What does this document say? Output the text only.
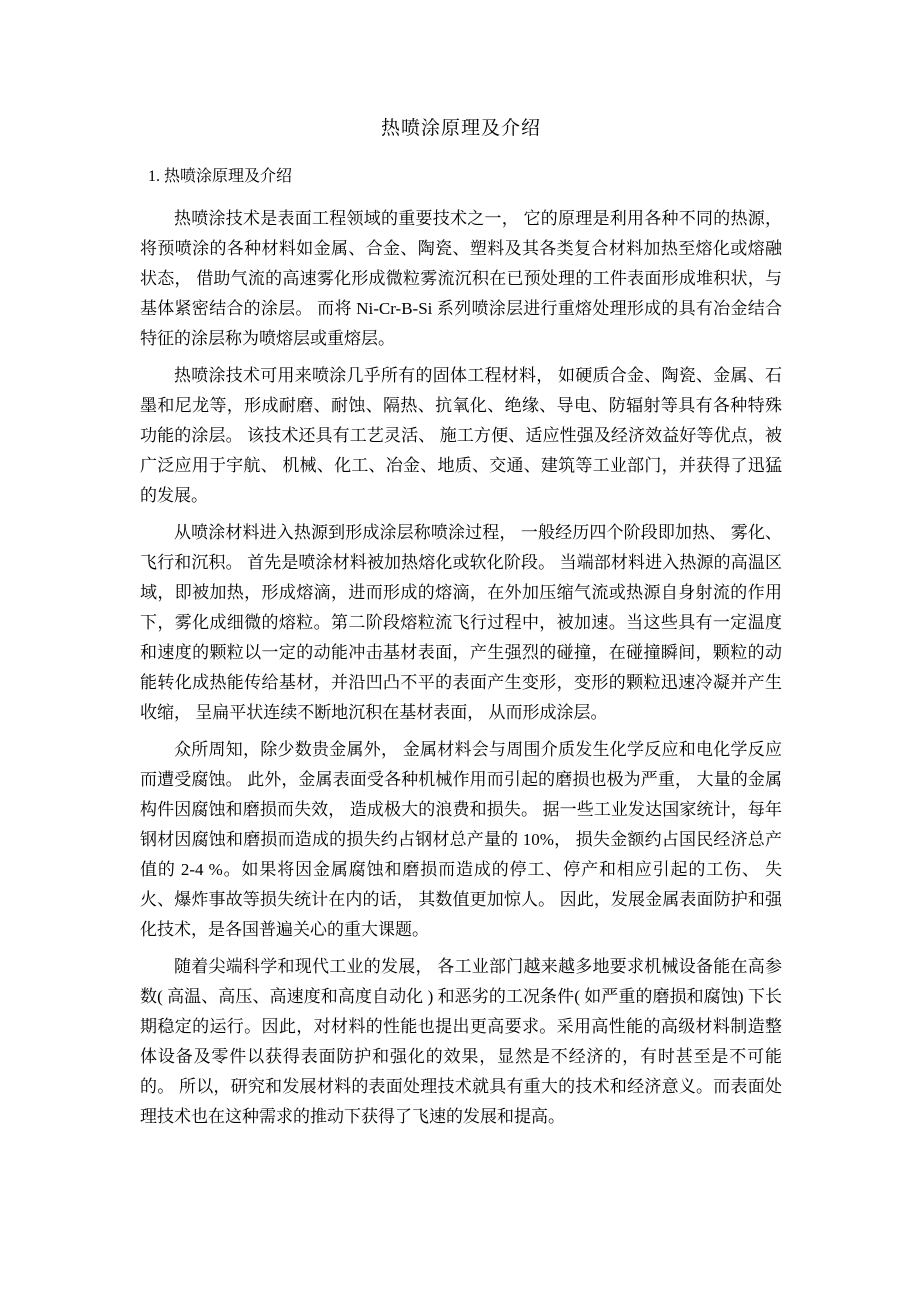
热喷涂原理及介绍
1. 热喷涂原理及介绍

热喷涂技术是表面工程领域的重要技术之一， 它的原理是利用各种不同的热源，将预喷涂的各种材料如金属、合金、陶瓷、塑料及其各类复合材料加热至熔化或熔融状态， 借助气流的高速雾化形成微粒雾流沉积在已预处理的工件表面形成堆积状，与基体紧密结合的涂层。 而将 Ni-Cr-B-Si 系列喷涂层进行重熔处理形成的具有冶金结合特征的涂层称为喷熔层或重熔层。

热喷涂技术可用来喷涂几乎所有的固体工程材料， 如硬质合金、陶瓷、金属、石墨和尼龙等，形成耐磨、耐蚀、隔热、抗氧化、绝缘、导电、防辐射等具有各种特殊功能的涂层。 该技术还具有工艺灵活、 施工方便、适应性强及经济效益好等优点，被广泛应用于宇航、 机械、化工、冶金、地质、交通、建筑等工业部门，并获得了迅猛的发展。

从喷涂材料进入热源到形成涂层称喷涂过程， 一般经历四个阶段即加热、 雾化、飞行和沉积。 首先是喷涂材料被加热熔化或软化阶段。 当端部材料进入热源的高温区域，即被加热，形成熔滴，进而形成的熔滴，在外加压缩气流或热源自身射流的作用下，雾化成细微的熔粒。第二阶段熔粒流飞行过程中，被加速。当这些具有一定温度和速度的颗粒以一定的动能冲击基材表面，产生强烈的碰撞，在碰撞瞬间，颗粒的动能转化成热能传给基材，并沿凹凸不平的表面产生变形，变形的颗粒迅速冷凝并产生收缩， 呈扁平状连续不断地沉积在基材表面， 从而形成涂层。

众所周知，除少数贵金属外， 金属材料会与周围介质发生化学反应和电化学反应而遭受腐蚀。 此外，金属表面受各种机械作用而引起的磨损也极为严重， 大量的金属构件因腐蚀和磨损而失效， 造成极大的浪费和损失。 据一些工业发达国家统计，每年钢材因腐蚀和磨损而造成的损失约占钢材总产量的 10%， 损失金额约占国民经济总产值的 2-4 %。如果将因金属腐蚀和磨损而造成的停工、停产和相应引起的工伤、 失火、爆炸事故等损失统计在内的话， 其数值更加惊人。 因此，发展金属表面防护和强化技术，是各国普遍关心的重大课题。

随着尖端科学和现代工业的发展， 各工业部门越来越多地要求机械设备能在高参数( 高温、高压、高速度和高度自动化 ) 和恶劣的工况条件( 如严重的磨损和腐蚀) 下长期稳定的运行。因此，对材料的性能也提出更高要求。采用高性能的高级材料制造整体设备及零件以获得表面防护和强化的效果，显然是不经济的，有时甚至是不可能的。 所以，研究和发展材料的表面处理技术就具有重大的技术和经济意义。而表面处理技术也在这种需求的推动下获得了飞速的发展和提高。
